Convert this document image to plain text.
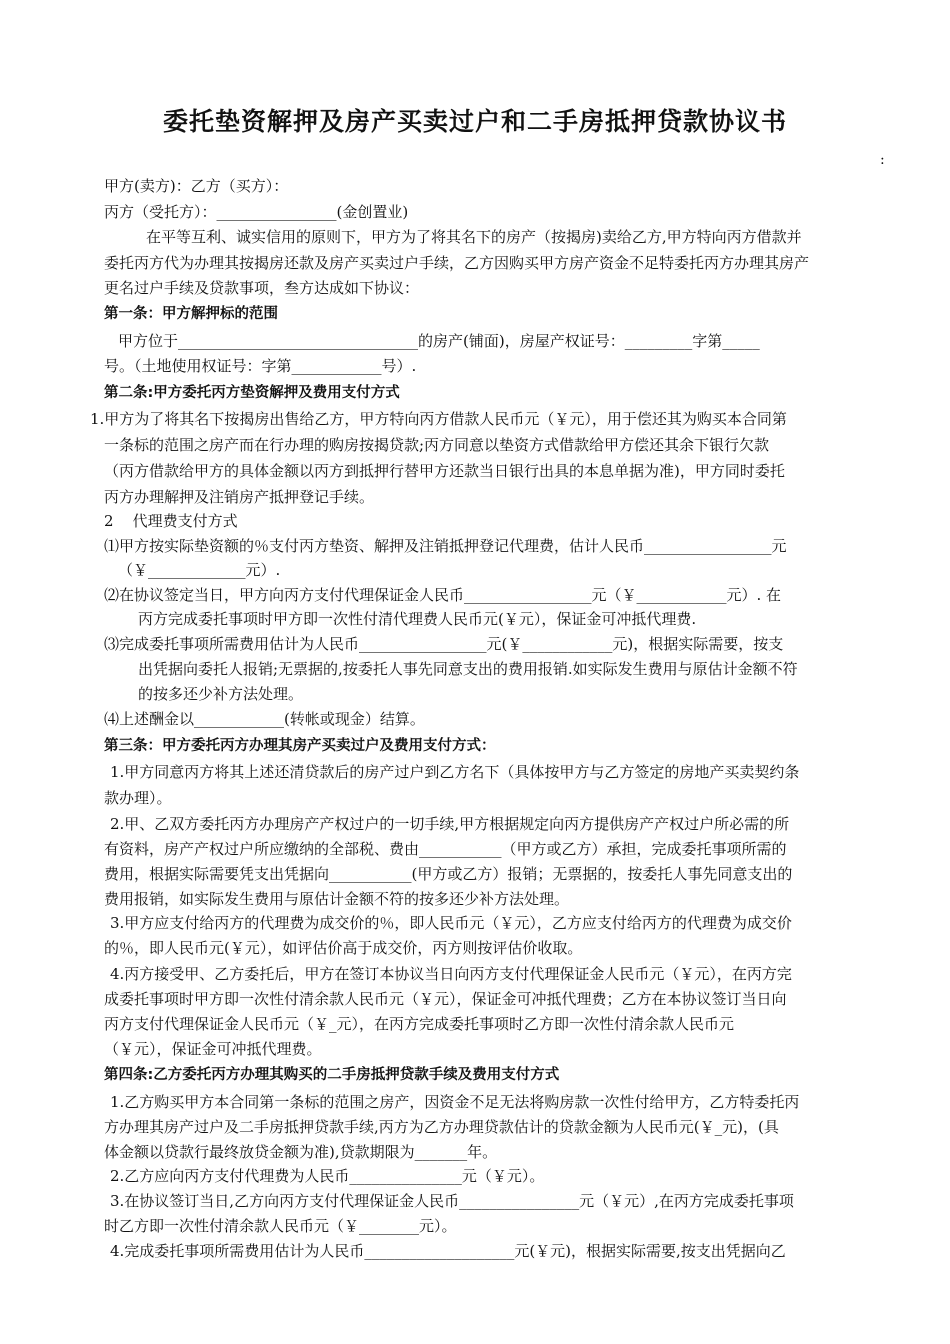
委托垫资解押及房产买卖过户和二手房抵押贷款协议书
:
甲方(卖方)：乙方（买方）：
丙方（受托方）：________________(金创置业)
在平等互利、诚实信用的原则下，甲方为了将其名下的房产（按揭房)卖给乙方,甲方特向丙方借款并
委托丙方代为办理其按揭房还款及房产买卖过户手续，乙方因购买甲方房产资金不足特委托丙方办理其房产
更名过户手续及贷款事项，叁方达成如下协议：
第一条：甲方解押标的范围
甲方位于________________________________的房产(铺面)，房屋产权证号：_________字第_____
号。（土地使用权证号：字第____________号）.
第二条:甲方委托丙方垫资解押及费用支付方式
1.甲方为了将其名下按揭房出售给乙方，甲方特向丙方借款人民币元（￥元），用于偿还其为购买本合同第
一条标的范围之房产而在行办理的购房按揭贷款;丙方同意以垫资方式借款给甲方偿还其余下银行欠款
（丙方借款给甲方的具体金额以丙方到抵押行替甲方还款当日银行出具的本息单据为准)，甲方同时委托
丙方办理解押及注销房产抵押登记手续。
2    代理费支付方式
⑴甲方按实际垫资额的％支付丙方垫资、解押及注销抵押登记代理费，估计人民币_________________元
（￥_____________元）.
⑵在协议签定当日，甲方向丙方支付代理保证金人民币_________________元（￥____________元）. 在
丙方完成委托事项时甲方即一次性付清代理费人民币元(￥元），保证金可冲抵代理费.
⑶完成委托事项所需费用估计为人民币_________________元(￥____________元)，根据实际需要，按支
出凭据向委托人报销;无票据的,按委托人事先同意支出的费用报销.如实际发生费用与原估计金额不符
的按多还少补方法处理。
⑷上述酬金以____________(转帐或现金）结算。
第三条：甲方委托丙方办理其房产买卖过户及费用支付方式：
1.甲方同意丙方将其上述还清贷款后的房产过户到乙方名下（具体按甲方与乙方签定的房地产买卖契约条
款办理）。
2.甲、乙双方委托丙方办理房产产权过户的一切手续,甲方根据规定向丙方提供房产产权过户所必需的所
有资料，房产产权过户所应缴纳的全部税、费由___________（甲方或乙方）承担，完成委托事项所需的
费用，根据实际需要凭支出凭据向___________(甲方或乙方）报销；无票据的，按委托人事先同意支出的
费用报销，如实际发生费用与原估计金额不符的按多还少补方法处理。
3.甲方应支付给丙方的代理费为成交价的％，即人民币元（￥元），乙方应支付给丙方的代理费为成交价
的％，即人民币元(￥元），如评估价高于成交价，丙方则按评估价收取。
4.丙方接受甲、乙方委托后，甲方在签订本协议当日向丙方支付代理保证金人民币元（￥元），在丙方完
成委托事项时甲方即一次性付清余款人民币元（￥元），保证金可冲抵代理费；乙方在本协议签订当日向
丙方支付代理保证金人民币元（￥_元），在丙方完成委托事项时乙方即一次性付清余款人民币元
（￥元），保证金可冲抵代理费。
第四条:乙方委托丙方办理其购买的二手房抵押贷款手续及费用支付方式
1.乙方购买甲方本合同第一条标的范围之房产，因资金不足无法将购房款一次性付给甲方，乙方特委托丙
方办理其房产过户及二手房抵押贷款手续,丙方为乙方办理贷款估计的贷款金额为人民币元(￥_元)，(具
体金额以贷款行最终放贷金额为准),贷款期限为_______年。
2.乙方应向丙方支付代理费为人民币_______________元（￥元）。
3.在协议签订当日,乙方向丙方支付代理保证金人民币________________元（￥元）,在丙方完成委托事项
时乙方即一次性付清余款人民币元（￥________元）。
4.完成委托事项所需费用估计为人民币____________________元(￥元)，根据实际需要,按支出凭据向乙
